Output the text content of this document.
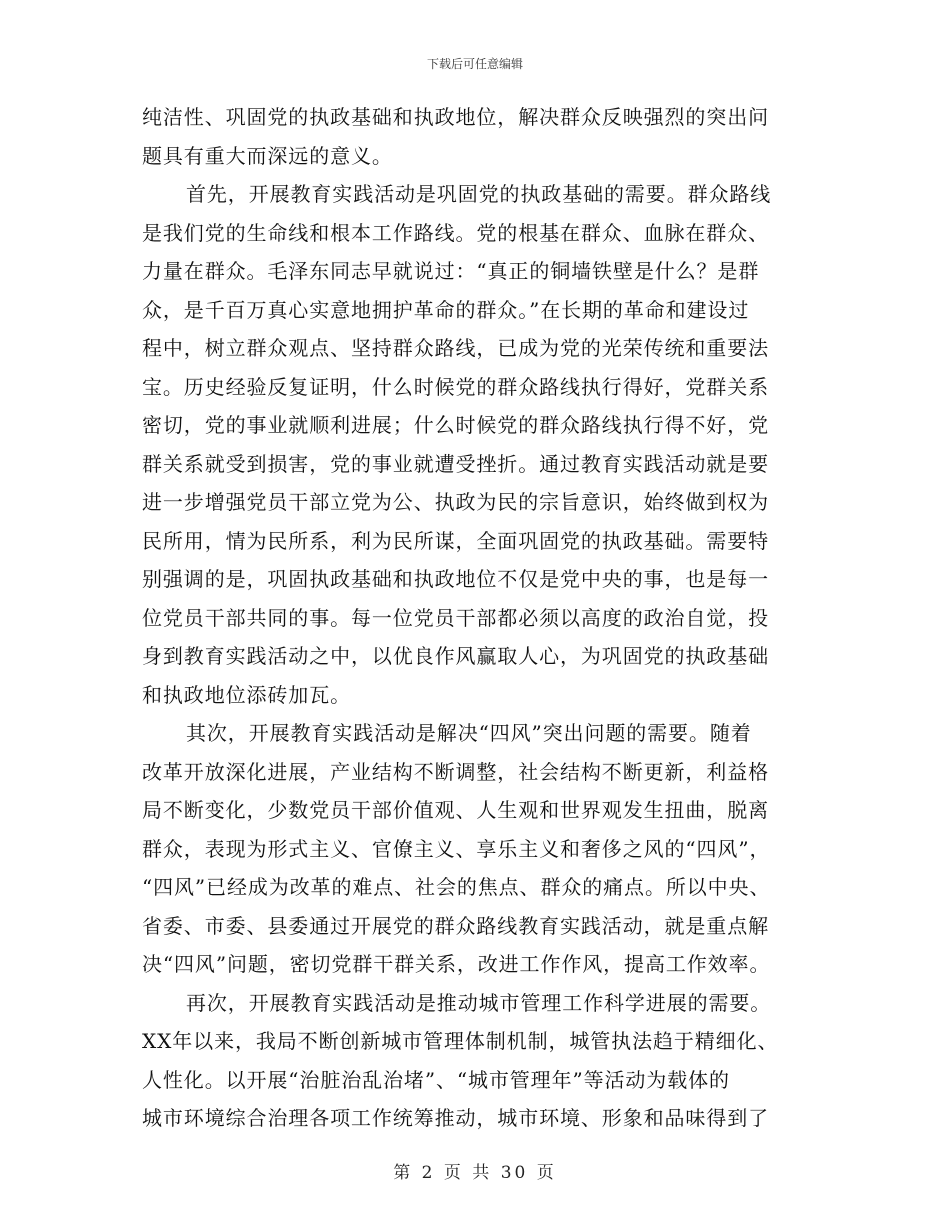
下载后可任意编辑
纯洁性、巩固党的执政基础和执政地位，解决群众反映强烈的突出问
题具有重大而深远的意义。
首先，开展教育实践活动是巩固党的执政基础的需要。群众路线
是我们党的生命线和根本工作路线。党的根基在群众、血脉在群众、
力量在群众。毛泽东同志早就说过：“真正的铜墙铁壁是什么？是群
众，是千百万真心实意地拥护革命的群众。”在长期的革命和建设过
程中，树立群众观点、坚持群众路线，已成为党的光荣传统和重要法
宝。历史经验反复证明，什么时候党的群众路线执行得好，党群关系
密切，党的事业就顺利进展；什么时候党的群众路线执行得不好，党
群关系就受到损害，党的事业就遭受挫折。通过教育实践活动就是要
进一步增强党员干部立党为公、执政为民的宗旨意识，始终做到权为
民所用，情为民所系，利为民所谋，全面巩固党的执政基础。需要特
别强调的是，巩固执政基础和执政地位不仅是党中央的事，也是每一
位党员干部共同的事。每一位党员干部都必须以高度的政治自觉，投
身到教育实践活动之中，以优良作风赢取人心，为巩固党的执政基础
和执政地位添砖加瓦。
其次，开展教育实践活动是解决“四风”突出问题的需要。随着
改革开放深化进展，产业结构不断调整，社会结构不断更新，利益格
局不断变化，少数党员干部价值观、人生观和世界观发生扭曲，脱离
群众，表现为形式主义、官僚主义、享乐主义和奢侈之风的“四风”，
“四风”已经成为改革的难点、社会的焦点、群众的痛点。所以中央、
省委、市委、县委通过开展党的群众路线教育实践活动，就是重点解
决“四风”问题，密切党群干群关系，改进工作作风，提高工作效率。
再次，开展教育实践活动是推动城市管理工作科学进展的需要。
XX年以来，我局不断创新城市管理体制机制，城管执法趋于精细化、
人性化。以开展“治脏治乱治堵”、“城市管理年”等活动为载体的
城市环境综合治理各项工作统筹推动，城市环境、形象和品味得到了
第 2 页 共 30 页
